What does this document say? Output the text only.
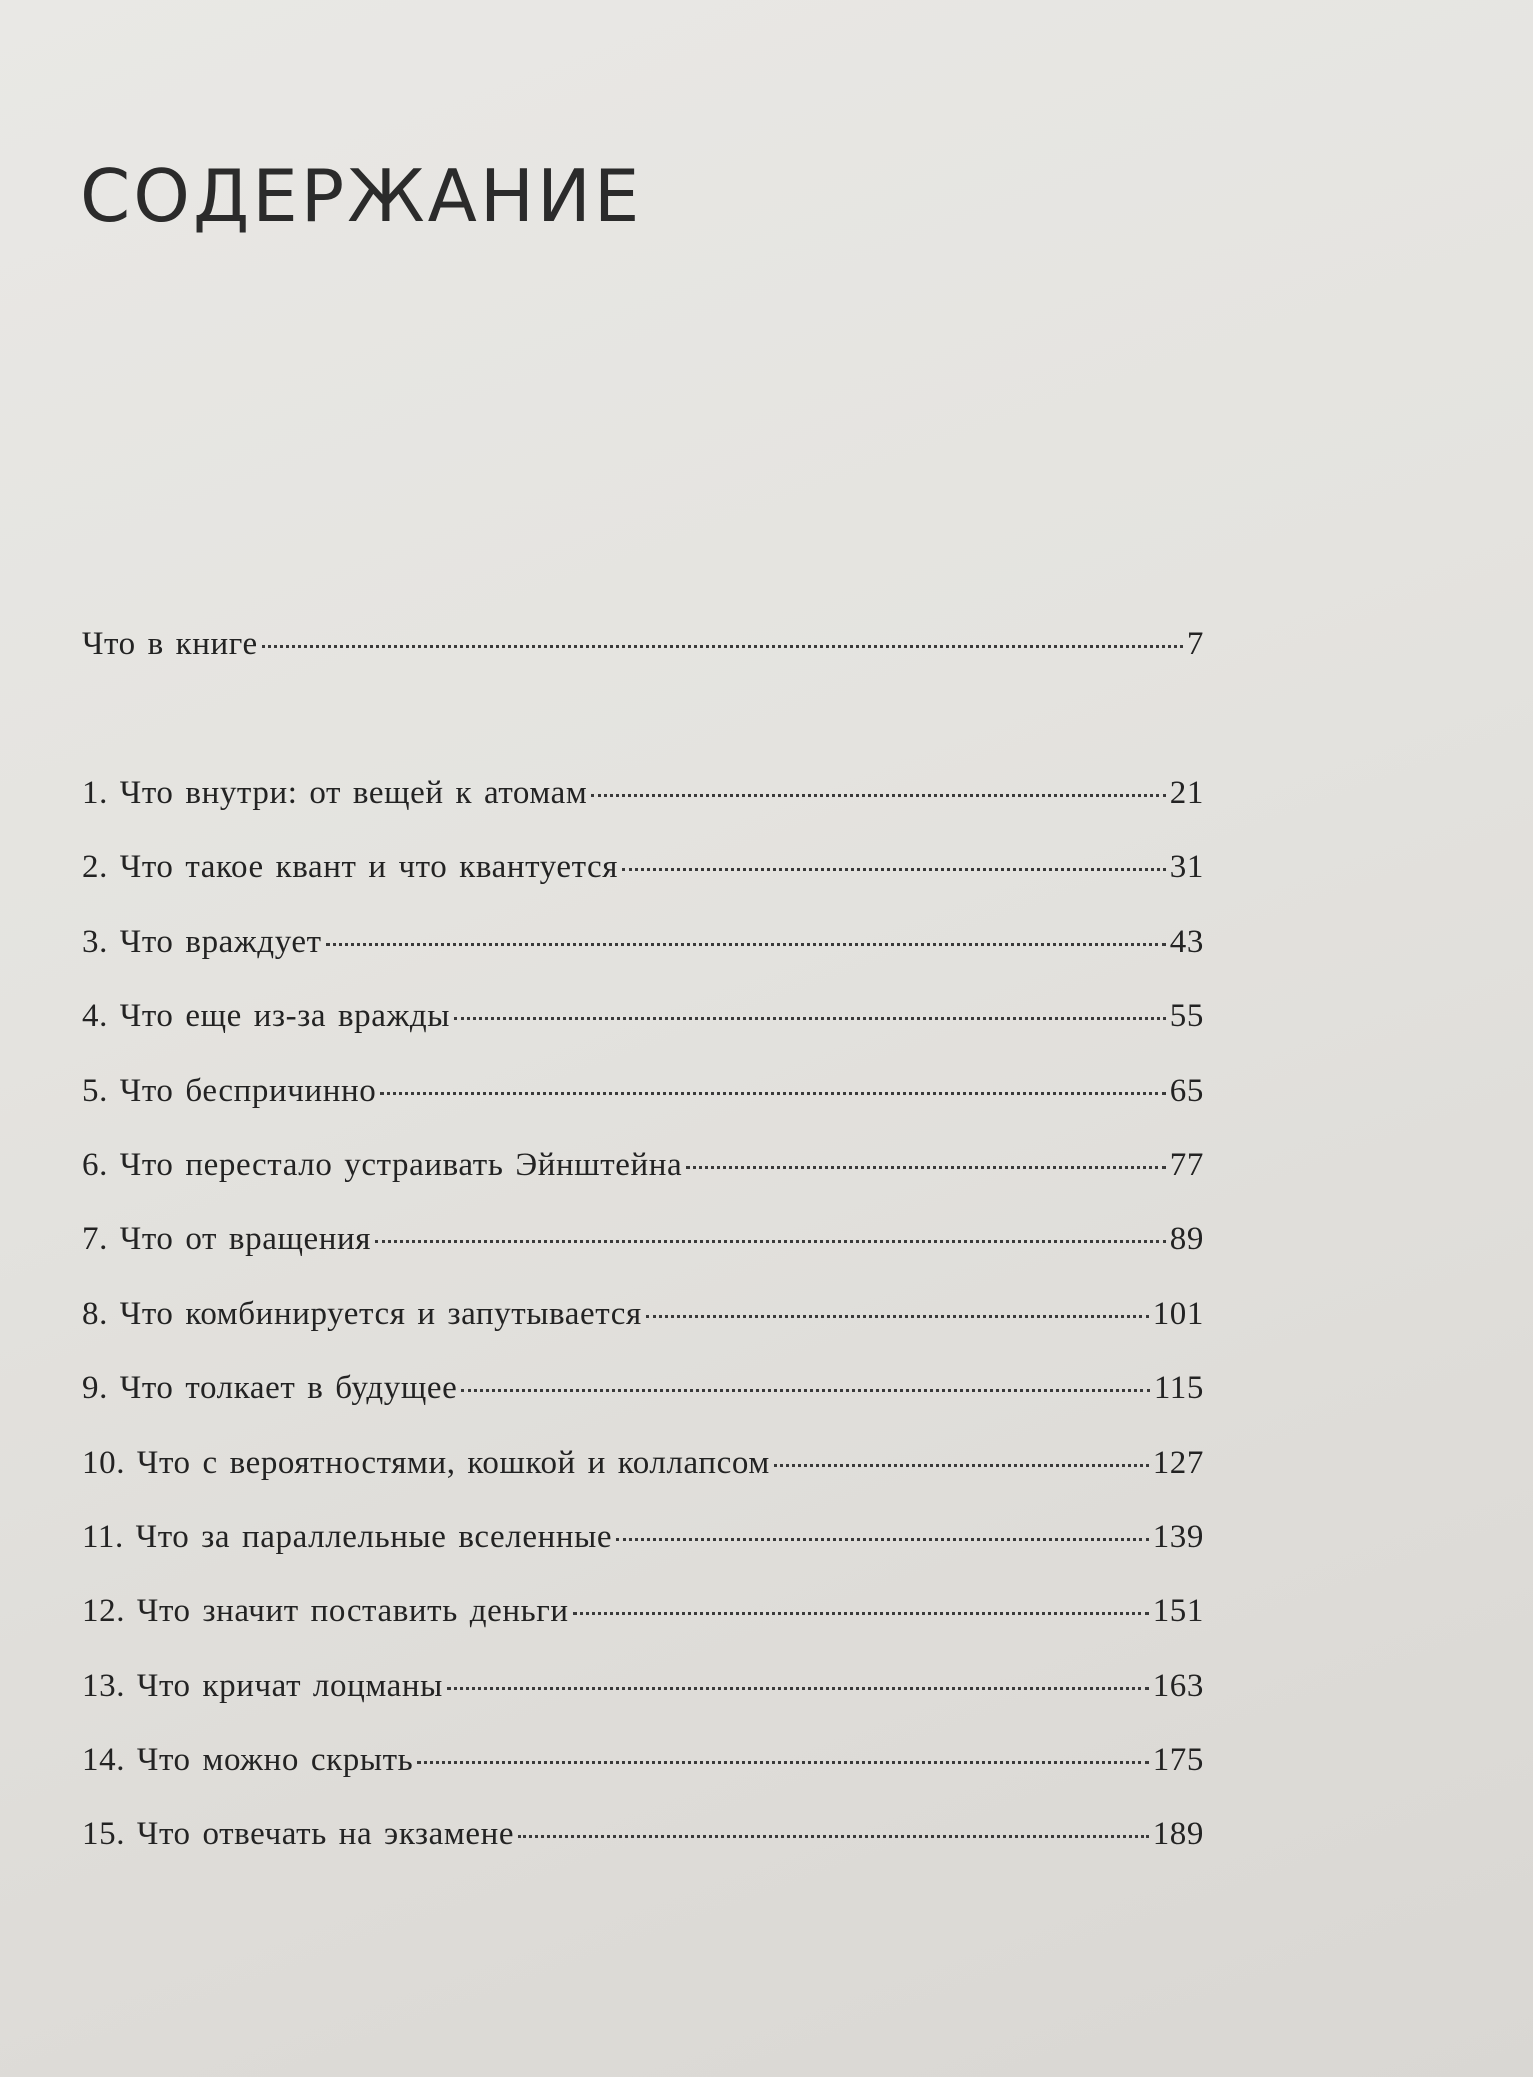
СОДЕРЖАНИЕ
Что в книге	7
1. Что внутри: от вещей к атомам	21
2. Что такое квант и что квантуется	31
3. Что враждует	43
4. Что еще из-за вражды	55
5. Что беспричинно	65
6. Что перестало устраивать Эйнштейна	77
7. Что от вращения	89
8. Что комбинируется и запутывается	101
9. Что толкает в будущее	115
10. Что с вероятностями, кошкой и коллапсом	127
11. Что за параллельные вселенные	139
12. Что значит поставить деньги	151
13. Что кричат лоцманы	163
14. Что можно скрыть	175
15. Что отвечать на экзамене	189
